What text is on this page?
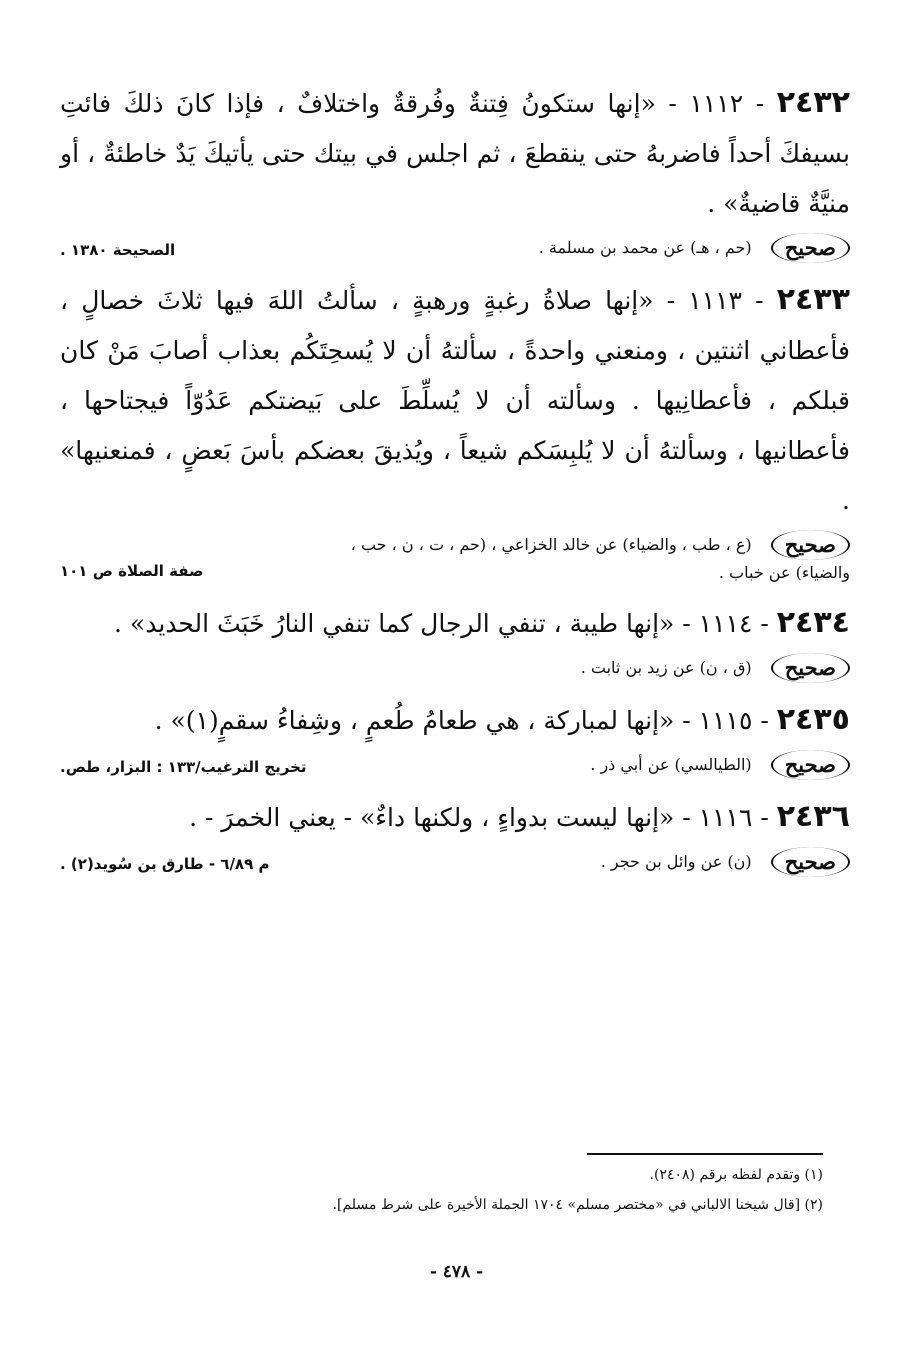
٢٤٣٢ - ١١١٢ - «إنها ستكونُ فِتنةٌ وفُرقةٌ واختلافٌ ، فإذا كانَ ذلكَ فائتِ بسيفكَ أحداً فاضربهُ حتى ينقطعَ ، ثم اجلس في بيتك حتى يأتيكَ يَدٌ خاطئةٌ ، أو منيَّةٌ قاضيةٌ» .

صحيح (حم ، هـ) عن محمد بن مسلمة .
الصحيحة ١٣٨٠ .

٢٤٣٣ - ١١١٣ - «إنها صلاةُ رغبةٍ ورهبةٍ ، سألتُ اللهَ فيها ثلاثَ خصالٍ ، فأعطاني اثنتين ، ومنعني واحدةً ، سألتهُ أن لا يُسحِتَكُم بعذاب أصابَ مَنْ كان قبلكم ، فأعطانِيها . وسألته أن لا يُسلِّطَ على بَيضتكم عَدُوّاً فيجتاحها ، فأعطانيها ، وسألتهُ أن لا يُلبِسَكم شيعاً ، ويُذيقَ بعضكم بأسَ بَعضٍ ، فمنعنيها» .

صحيح (ع ، طب ، والضياء) عن خالد الخزاعي ، (حم ، ت ، ن ، حب ،
والضياء) عن خباب .
صفة الصلاة ص ١٠١

٢٤٣٤ - ١١١٤ - «إنها طيبة ، تنفي الرجال كما تنفي النارُ خَبَثَ الحديد» .

صحيح (ق ، ن) عن زيد بن ثابت .

٢٤٣٥ - ١١١٥ - «إنها لمباركة ، هي طعامُ طُعمٍ ، وشِفاءُ سقمٍ(١)» .

صحيح (الطيالسي) عن أبي ذر .
تخريج الترغيب/١٣٣ : البزار، طص.

٢٤٣٦ - ١١١٦ - «إنها ليست بدواءٍ ، ولكنها داءٌ» - يعني الخمرَ - .

صحيح (ن) عن وائل بن حجر .
م ٦/٨٩ - طارق بن سُويد(٢) .

(١) وتقدم لفظه برقم (٢٤٠٨).

(٢) [قال شيخنا الالباني في «مختصر مسلم» ١٧٠٤ الجملة الأخيرة على شرط مسلم].

- ٤٧٨ -
